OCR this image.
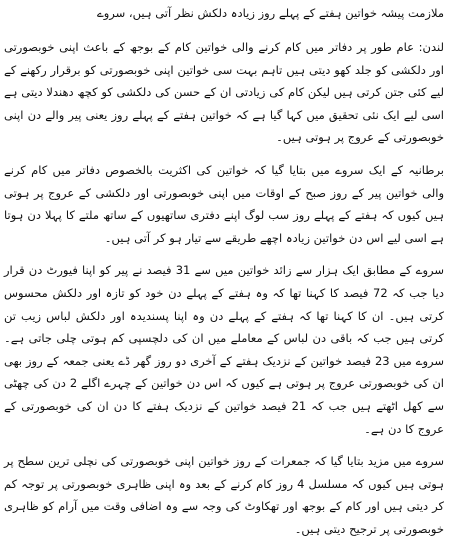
ملازمت پیشہ خواتین ہفتے کے پہلے روز زیادہ دلکش نظر آتی ہیں، سروے

لندن: عام طور پر دفاتر میں کام کرنے والی خواتین کام کے بوجھ کے باعث اپنی خوبصورتی اور دلکشی کو جلد کھو دیتی ہیں تاہم بہت سی خواتین اپنی خوبصورتی کو برقرار رکھنے کے لیے کئی جتن کرتی ہیں لیکن کام کی زیادتی ان کے حسن کی دلکشی کو کچھ دھندلا دیتی ہے اسی لیے ایک نئی تحقیق میں کہا گیا ہے کہ خواتین ہفتے کے پہلے روز یعنی پیر والے دن اپنی خوبصورتی کے عروج پر ہوتی ہیں۔

برطانیہ کے ایک سروے میں بتایا گیا کہ خواتین کی اکثریت بالخصوص دفاتر میں کام کرنے والی خواتین پیر کے روز صبح کے اوقات میں اپنی خوبصورتی اور دلکشی کے عروج پر ہوتی ہیں کیوں کہ ہفتے کے پہلے روز سب لوگ اپنے دفتری ساتھیوں کے ساتھ ملتے کا پہلا دن ہوتا ہے اسی لیے اس دن خواتین زیادہ اچھے طریقے سے تیار ہو کر آتی ہیں۔

سروے کے مطابق ایک ہزار سے زائد خواتین میں سے 31 فیصد نے پیر کو اپنا فیورٹ دن قرار دیا جب کہ 72 فیصد کا کہنا تھا کہ وہ ہفتے کے پہلے دن خود کو تازہ اور دلکش محسوس کرتی ہیں۔ ان کا کہنا تھا کہ ہفتے کے پہلے دن وہ اپنا پسندیدہ اور دلکش لباس زیب تن کرتی ہیں جب کہ باقی دن لباس کے معاملے میں ان کی دلچسپی کم ہوتی چلی جاتی ہے۔ سروے میں 23 فیصد خواتین کے نزدیک ہفتے کے آخری دو روز گھر ڈے یعنی جمعہ کے روز بھی ان کی خوبصورتی عروج پر ہوتی ہے کیوں کہ اس دن خواتین کے چہرے اگلے 2 دن کی چھٹی سے کھل اٹھتے ہیں جب کہ 21 فیصد خواتین کے نزدیک ہفتے کا دن ان کی خوبصورتی کے عروج کا دن ہے۔

سروے میں مزید بتایا گیا کہ جمعرات کے روز خواتین اپنی خوبصورتی کی نچلی ترین سطح پر ہوتی ہیں کیوں کہ مسلسل 4 روز کام کرنے کے بعد وہ اپنی ظاہری خوبصورتی پر توجہ کم کر دیتی ہیں اور کام کے بوجھ اور تھکاوٹ کی وجہ سے وہ اضافی وقت میں آرام کو ظاہری خوبصورتی پر ترجیح دیتی ہیں۔
